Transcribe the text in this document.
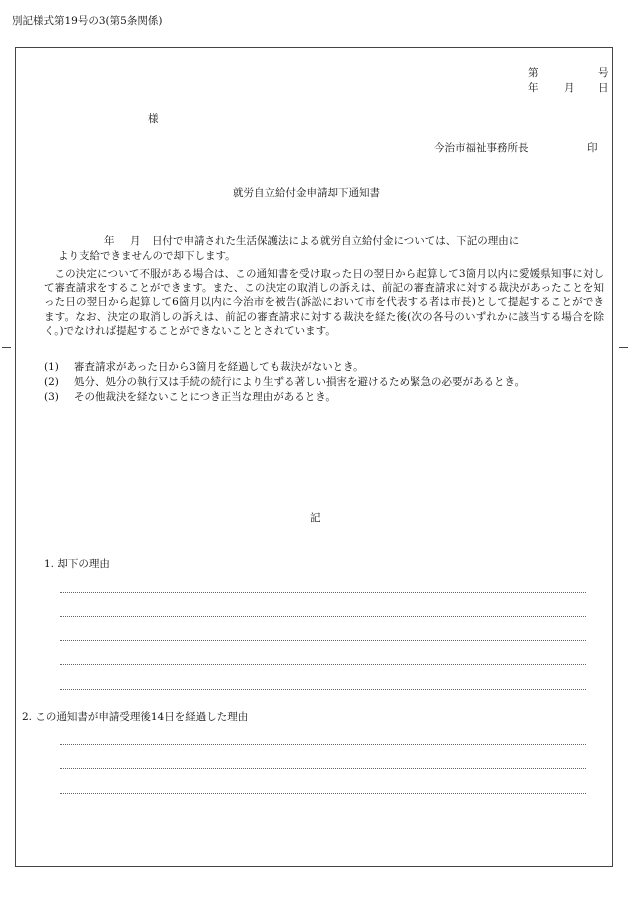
別記様式第19号の3(第5条関係)
第	号
年 月 日
様
今治市福祉事務所長	印
就労自立給付金申請却下通知書
年 月 日付で申請された生活保護法による就労自立給付金については、下記の理由に
より支給できませんので却下します。
この決定について不服がある場合は、この通知書を受け取った日の翌日から起算して3箇月以内に愛媛県知事に対して審査請求をすることができます。また、この決定の取消しの訴えは、前記の審査請求に対する裁決があったことを知った日の翌日から起算して6箇月以内に今治市を被告(訴訟において市を代表する者は市長)として提起することができます。なお、決定の取消しの訴えは、前記の審査請求に対する裁決を経た後(次の各号のいずれかに該当する場合を除く。)でなければ提起することができないこととされています。
(1) 審査請求があった日から3箇月を経過しても裁決がないとき。
(2) 処分、処分の執行又は手続の続行により生ずる著しい損害を避けるため緊急の必要があるとき。
(3) その他裁決を経ないことにつき正当な理由があるとき。
記
1. 却下の理由
2. この通知書が申請受理後14日を経過した理由
